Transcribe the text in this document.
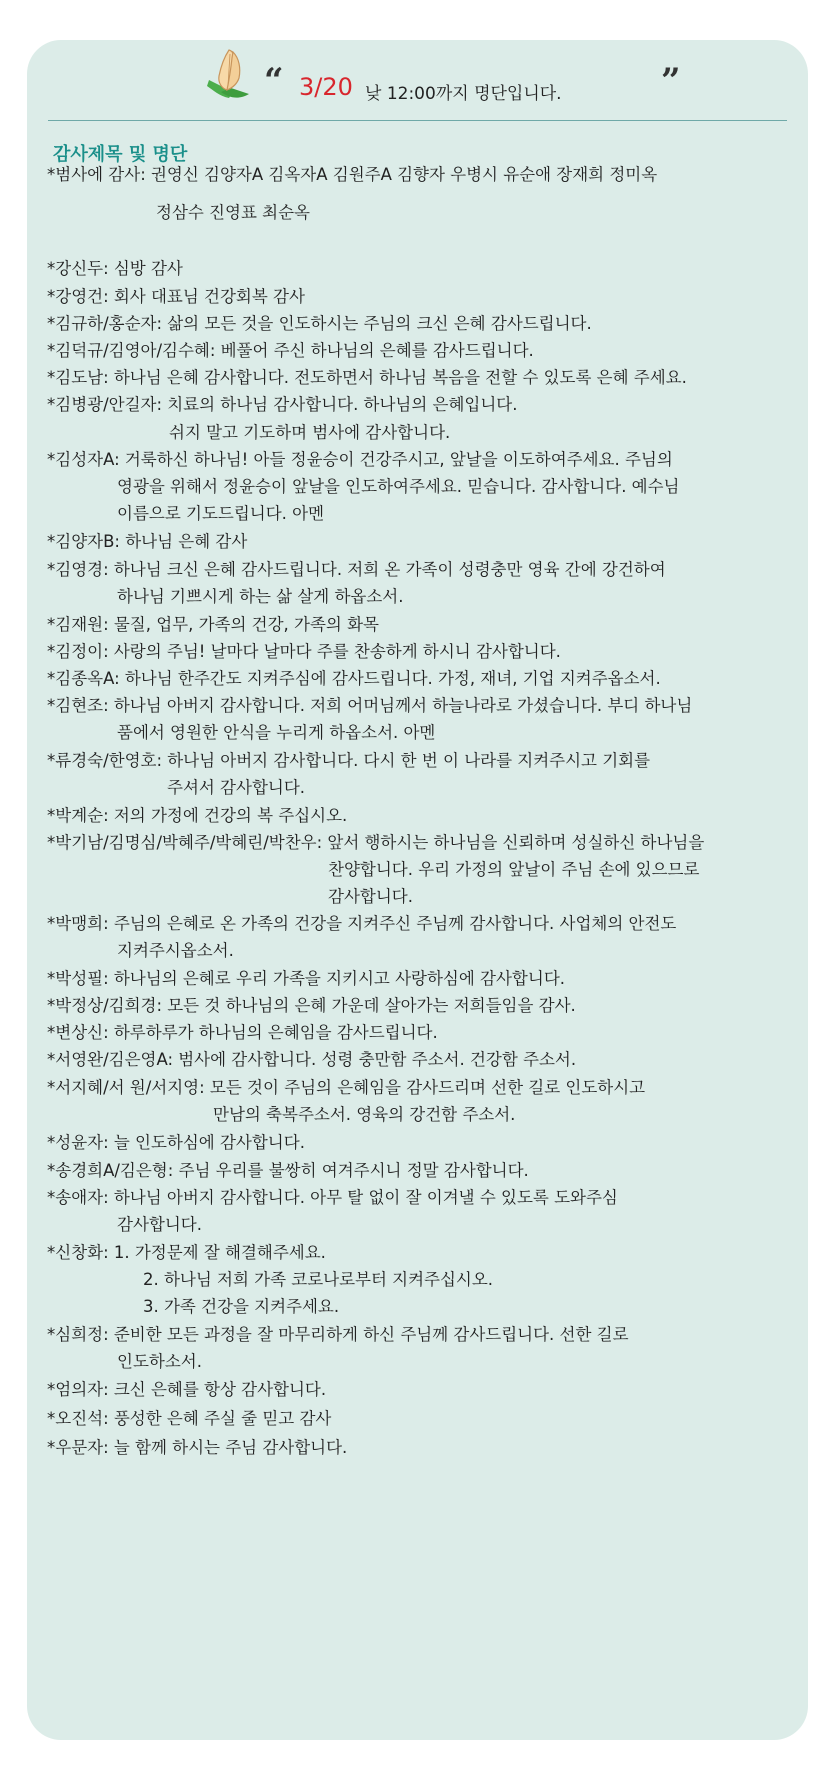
“ 3/20 낮 12:00까지 명단입니다.	”
감사제목 및 명단
*범사에 감사: 권영신 김양자A 김옥자A 김원주A 김향자 우병시 유순애 장재희 정미옥
정삼수 진영표 최순옥
*강신두: 심방 감사
*강영건: 회사 대표님 건강회복 감사
*김규하/홍순자: 삶의 모든 것을 인도하시는 주님의 크신 은혜 감사드립니다.
*김덕규/김영아/김수혜: 베풀어 주신 하나님의 은혜를 감사드립니다.
*김도남: 하나님 은혜 감사합니다. 전도하면서 하나님 복음을 전할 수 있도록 은혜 주세요.
*김병광/안길자: 치료의 하나님 감사합니다. 하나님의 은혜입니다.
쉬지 말고 기도하며 범사에 감사합니다.
*김성자A: 거룩하신 하나님! 아들 정윤승이 건강주시고, 앞날을 이도하여주세요. 주님의
영광을 위해서 정윤승이 앞날을 인도하여주세요. 믿습니다. 감사합니다. 예수님
이름으로 기도드립니다. 아멘
*김양자B: 하나님 은혜 감사
*김영경: 하나님 크신 은혜 감사드립니다. 저희 온 가족이 성령충만 영육 간에 강건하여
하나님 기쁘시게 하는 삶 살게 하옵소서.
*김재원: 물질, 업무, 가족의 건강, 가족의 화목
*김정이: 사랑의 주님! 날마다 날마다 주를 찬송하게 하시니 감사합니다.
*김종옥A: 하나님 한주간도 지켜주심에 감사드립니다. 가정, 재녀, 기업 지켜주옵소서.
*김현조: 하나님 아버지 감사합니다. 저희 어머님께서 하늘나라로 가셨습니다. 부디 하나님
품에서 영원한 안식을 누리게 하옵소서. 아멘
*류경숙/한영호: 하나님 아버지 감사합니다. 다시 한 번 이 나라를 지켜주시고 기회를
주셔서 감사합니다.
*박계순: 저의 가정에 건강의 복 주십시오.
*박기남/김명심/박혜주/박혜린/박찬우: 앞서 행하시는 하나님을 신뢰하며 성실하신 하나님을
찬양합니다. 우리 가정의 앞날이 주님 손에 있으므로
감사합니다.
*박맹희: 주님의 은혜로 온 가족의 건강을 지켜주신 주님께 감사합니다. 사업체의 안전도
지켜주시옵소서.
*박성필: 하나님의 은혜로 우리 가족을 지키시고 사랑하심에 감사합니다.
*박정상/김희경: 모든 것 하나님의 은혜 가운데 살아가는 저희들임을 감사.
*변상신: 하루하루가 하나님의 은혜임을 감사드립니다.
*서영완/김은영A: 범사에 감사합니다. 성령 충만함 주소서. 건강함 주소서.
*서지혜/서 원/서지영: 모든 것이 주님의 은혜임을 감사드리며 선한 길로 인도하시고
만남의 축복주소서. 영육의 강건함 주소서.
*성윤자: 늘 인도하심에 감사합니다.
*송경희A/김은형: 주님 우리를 불쌍히 여겨주시니 정말 감사합니다.
*송애자: 하나님 아버지 감사합니다. 아무 탈 없이 잘 이겨낼 수 있도록 도와주심
감사합니다.
*신창화: 1. 가정문제 잘 해결해주세요.
2. 하나님 저희 가족 코로나로부터 지켜주십시오.
3. 가족 건강을 지켜주세요.
*심희정: 준비한 모든 과정을 잘 마무리하게 하신 주님께 감사드립니다. 선한 길로
인도하소서.
*엄의자: 크신 은혜를 항상 감사합니다.
*오진석: 풍성한 은혜 주실 줄 믿고 감사
*우문자: 늘 함께 하시는 주님 감사합니다.
